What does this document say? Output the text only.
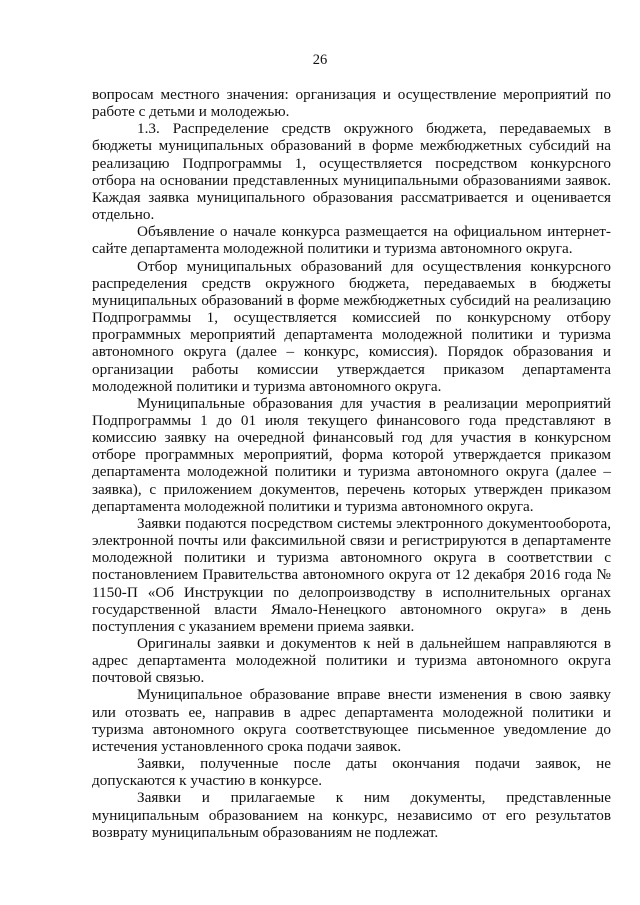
26

вопросам местного значения: организация и осуществление мероприятий по работе с детьми и молодежью.

1.3. Распределение средств окружного бюджета, передаваемых в бюджеты муниципальных образований в форме межбюджетных субсидий на реализацию Подпрограммы 1, осуществляется посредством конкурсного отбора на основании представленных муниципальными образованиями заявок. Каждая заявка муниципального образования рассматривается и оценивается отдельно.

Объявление о начале конкурса размещается на официальном интернет-сайте департамента молодежной политики и туризма автономного округа.

Отбор муниципальных образований для осуществления конкурсного распределения средств окружного бюджета, передаваемых в бюджеты муниципальных образований в форме межбюджетных субсидий на реализацию Подпрограммы 1, осуществляется комиссией по конкурсному отбору программных мероприятий департамента молодежной политики и туризма автономного округа (далее – конкурс, комиссия). Порядок образования и организации работы комиссии утверждается приказом департамента молодежной политики и туризма автономного округа.

Муниципальные образования для участия в реализации мероприятий Подпрограммы 1 до 01 июля текущего финансового года представляют в комиссию заявку на очередной финансовый год для участия в конкурсном отборе программных мероприятий, форма которой утверждается приказом департамента молодежной политики и туризма автономного округа (далее – заявка), с приложением документов, перечень которых утвержден приказом департамента молодежной политики и туризма автономного округа.

Заявки подаются посредством системы электронного документооборота, электронной почты или факсимильной связи и регистрируются в департаменте молодежной политики и туризма автономного округа в соответствии с постановлением Правительства автономного округа от 12 декабря 2016 года № 1150-П «Об Инструкции по делопроизводству в исполнительных органах государственной власти Ямало-Ненецкого автономного округа» в день поступления с указанием времени приема заявки.

Оригиналы заявки и документов к ней в дальнейшем направляются в адрес департамента молодежной политики и туризма автономного округа почтовой связью.

Муниципальное образование вправе внести изменения в свою заявку или отозвать ее, направив в адрес департамента молодежной политики и туризма автономного округа соответствующее письменное уведомление до истечения установленного срока подачи заявок.

Заявки, полученные после даты окончания подачи заявок, не допускаются к участию в конкурсе.

Заявки и прилагаемые к ним документы, представленные муниципальным образованием на конкурс, независимо от его результатов возврату муниципальным образованиям не подлежат.
